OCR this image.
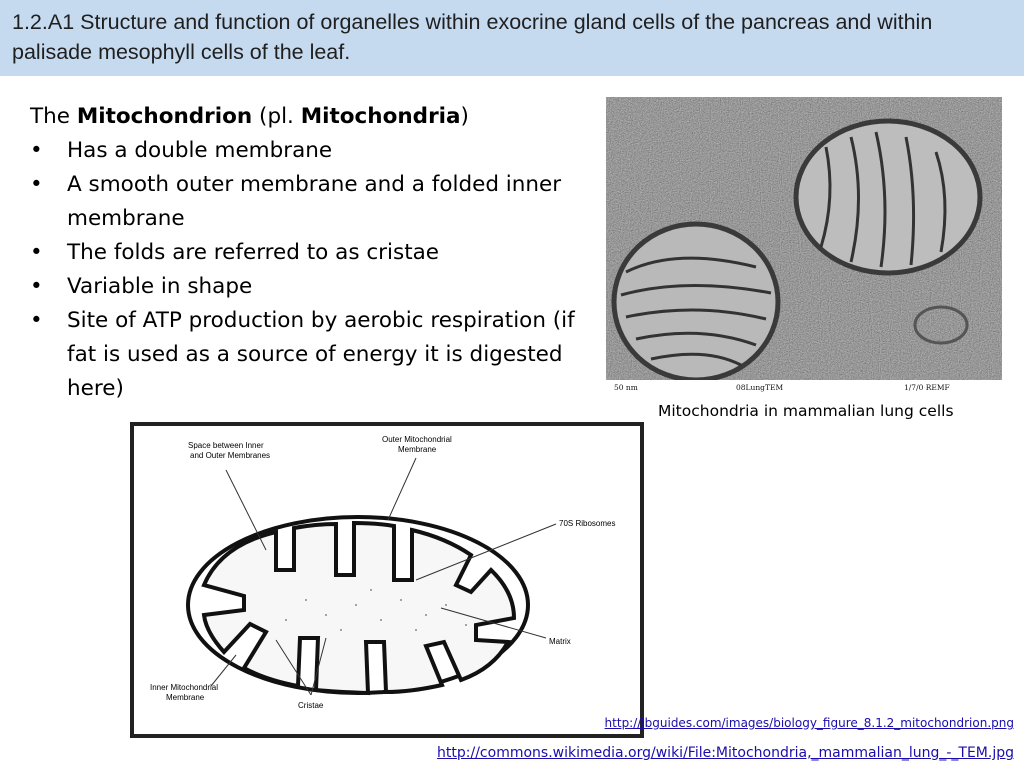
1.2.A1 Structure and function of organelles within exocrine gland cells of the pancreas and within palisade mesophyll cells of the leaf.
The Mitochondrion (pl. Mitochondria)
• Has a double membrane
• A smooth outer membrane and a folded inner membrane
• The folds are referred to as cristae
• Variable in shape
• Site of ATP production by aerobic respiration (if fat is used as a source of energy it is digested here)	50 nm	08LungTEM	1/7/0 REMF
Mitochondria in mammalian lung cells
Space between Inner and Outer Membranes
Outer Mitochondrial Membrane
70S Ribosomes
Matrix
Inner Mitochondrial Membrane
Cristae
http://ibguides.com/images/biology_figure_8.1.2_mitochondrion.png
http://commons.wikimedia.org/wiki/File:Mitochondria,_mammalian_lung_-_TEM.jpg
